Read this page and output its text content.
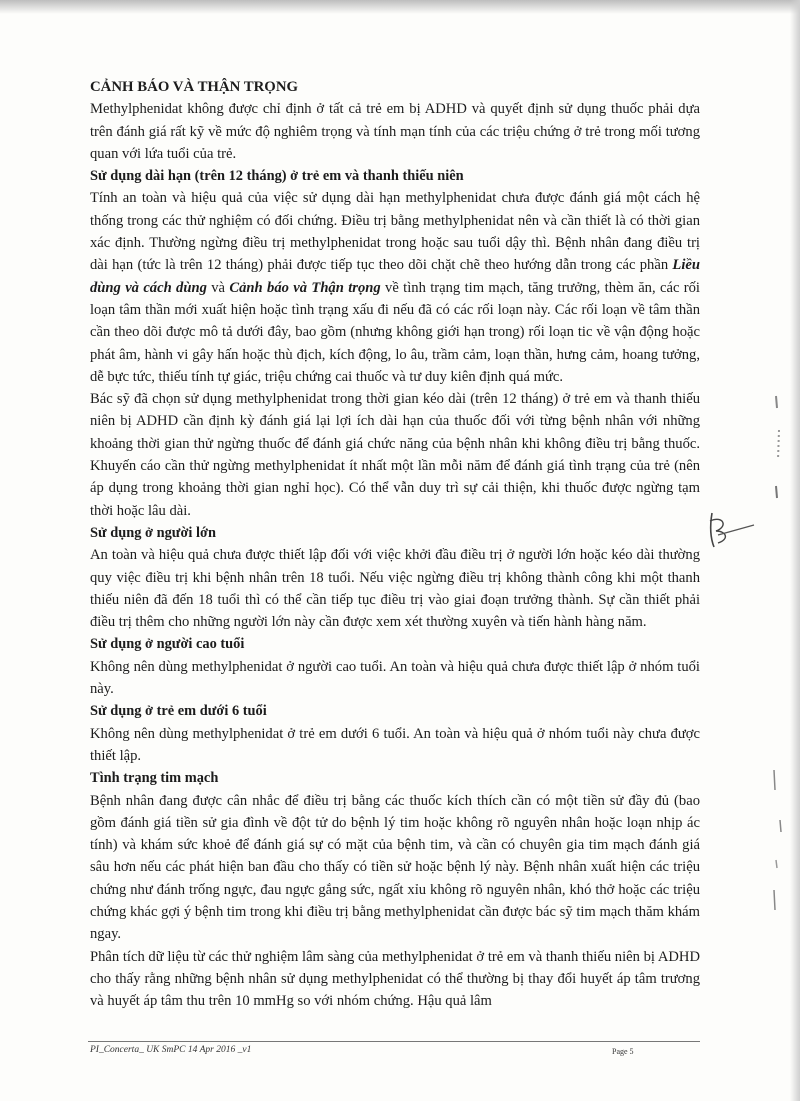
CẢNH BÁO VÀ THẬN TRỌNG

Methylphenidat không được chỉ định ở tất cả trẻ em bị ADHD và quyết định sử dụng thuốc phải dựa trên đánh giá rất kỹ về mức độ nghiêm trọng và tính mạn tính của các triệu chứng ở trẻ trong mối tương quan với lứa tuổi của trẻ.

Sử dụng dài hạn (trên 12 tháng) ở trẻ em và thanh thiếu niên

Tính an toàn và hiệu quả của việc sử dụng dài hạn methylphenidat chưa được đánh giá một cách hệ thống trong các thử nghiệm có đối chứng. Điều trị bằng methylphenidat nên và cần thiết là có thời gian xác định. Thường ngừng điều trị methylphenidat trong hoặc sau tuổi dậy thì. Bệnh nhân đang điều trị dài hạn (tức là trên 12 tháng) phải được tiếp tục theo dõi chặt chẽ theo hướng dẫn trong các phần Liều dùng và cách dùng và Cảnh báo và Thận trọng về tình trạng tim mạch, tăng trưởng, thèm ăn, các rối loạn tâm thần mới xuất hiện hoặc tình trạng xấu đi nếu đã có các rối loạn này. Các rối loạn về tâm thần cần theo dõi được mô tả dưới đây, bao gồm (nhưng không giới hạn trong) rối loạn tic về vận động hoặc phát âm, hành vi gây hấn hoặc thù địch, kích động, lo âu, trầm cảm, loạn thần, hưng cảm, hoang tưởng, dễ bực tức, thiếu tính tự giác, triệu chứng cai thuốc và tư duy kiên định quá mức.

Bác sỹ đã chọn sử dụng methylphenidat trong thời gian kéo dài (trên 12 tháng) ở trẻ em và thanh thiếu niên bị ADHD cần định kỳ đánh giá lại lợi ích dài hạn của thuốc đối với từng bệnh nhân với những khoảng thời gian thử ngừng thuốc để đánh giá chức năng của bệnh nhân khi không điều trị bằng thuốc. Khuyến cáo cần thử ngừng methylphenidat ít nhất một lần mỗi năm để đánh giá tình trạng của trẻ (nên áp dụng trong khoảng thời gian nghỉ học). Có thể vẫn duy trì sự cải thiện, khi thuốc được ngừng tạm thời hoặc lâu dài.

Sử dụng ở người lớn

An toàn và hiệu quả chưa được thiết lập đối với việc khởi đầu điều trị ở người lớn hoặc kéo dài thường quy việc điều trị khi bệnh nhân trên 18 tuổi. Nếu việc ngừng điều trị không thành công khi một thanh thiếu niên đã đến 18 tuổi thì có thể cần tiếp tục điều trị vào giai đoạn trưởng thành. Sự cần thiết phải điều trị thêm cho những người lớn này cần được xem xét thường xuyên và tiến hành hàng năm.

Sử dụng ở người cao tuổi

Không nên dùng methylphenidat ở người cao tuổi. An toàn và hiệu quả chưa được thiết lập ở nhóm tuổi này.

Sử dụng ở trẻ em dưới 6 tuổi

Không nên dùng methylphenidat ở trẻ em dưới 6 tuổi. An toàn và hiệu quả ở nhóm tuổi này chưa được thiết lập.

Tình trạng tim mạch

Bệnh nhân đang được cân nhắc để điều trị bằng các thuốc kích thích cần có một tiền sử đầy đủ (bao gồm đánh giá tiền sử gia đình về đột tử do bệnh lý tim hoặc không rõ nguyên nhân hoặc loạn nhịp ác tính) và khám sức khoẻ để đánh giá sự có mặt của bệnh tim, và cần có chuyên gia tim mạch đánh giá sâu hơn nếu các phát hiện ban đầu cho thấy có tiền sử hoặc bệnh lý này. Bệnh nhân xuất hiện các triệu chứng như đánh trống ngực, đau ngực gắng sức, ngất xỉu không rõ nguyên nhân, khó thở hoặc các triệu chứng khác gợi ý bệnh tim trong khi điều trị bằng methylphenidat cần được bác sỹ tim mạch thăm khám ngay.

Phân tích dữ liệu từ các thử nghiệm lâm sàng của methylphenidat ở trẻ em và thanh thiếu niên bị ADHD cho thấy rằng những bệnh nhân sử dụng methylphenidat có thể thường bị thay đổi huyết áp tâm trương và huyết áp tâm thu trên 10 mmHg so với nhóm chứng. Hậu quả lâm

PI_Concerta_ UK SmPC 14 Apr 2016 _v1	Page 5
